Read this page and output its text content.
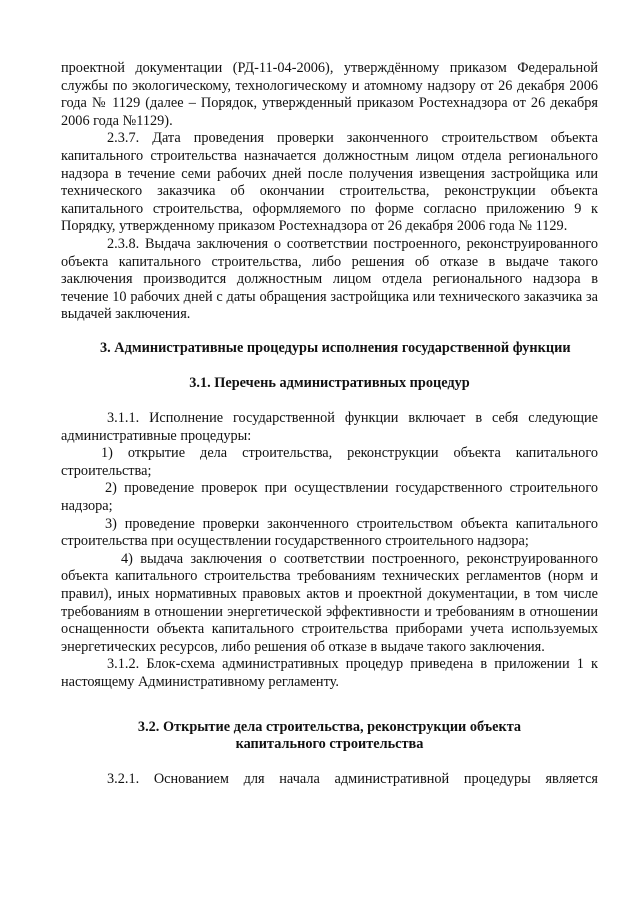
проектной документации (РД-11-04-2006), утверждённому приказом Федеральной службы по экологическому, технологическому и атомному надзору от 26 декабря 2006 года № 1129 (далее – Порядок, утвержденный приказом Ростехнадзора от 26 декабря 2006 года №1129).

2.3.7. Дата проведения проверки законченного строительством объекта капитального строительства назначается должностным лицом отдела регионального надзора в течение семи рабочих дней после получения извещения застройщика или технического заказчика об окончании строительства, реконструкции объекта капитального строительства, оформляемого по форме согласно приложению 9 к Порядку, утвержденному приказом Ростехнадзора от 26 декабря 2006 года № 1129.

2.3.8. Выдача заключения о соответствии построенного, реконструированного объекта капитального строительства, либо решения об отказе в выдаче такого заключения производится должностным лицом отдела регионального надзора в течение 10 рабочих дней с даты обращения застройщика или технического заказчика за выдачей заключения.

3. Административные процедуры исполнения государственной функции
3.1. Перечень административных процедур

3.1.1. Исполнение государственной функции включает в себя следующие административные процедуры:

1) открытие дела строительства, реконструкции объекта капитального строительства;

2) проведение проверок при осуществлении государственного строительного надзора;

3) проведение проверки законченного строительством объекта капитального строительства при осуществлении государственного строительного надзора;

4) выдача заключения о соответствии построенного, реконструированного объекта капитального строительства требованиям технических регламентов (норм и правил), иных нормативных правовых актов и проектной документации, в том числе требованиям в отношении энергетической эффективности и требованиям в отношении оснащенности объекта капитального строительства приборами учета используемых энергетических ресурсов, либо решения об отказе в выдаче такого заключения.

3.1.2. Блок-схема административных процедур приведена в приложении 1 к настоящему Административному регламенту.

3.2. Открытие дела строительства, реконструкции объекта
капитального строительства

3.2.1. Основанием для начала административной процедуры является
